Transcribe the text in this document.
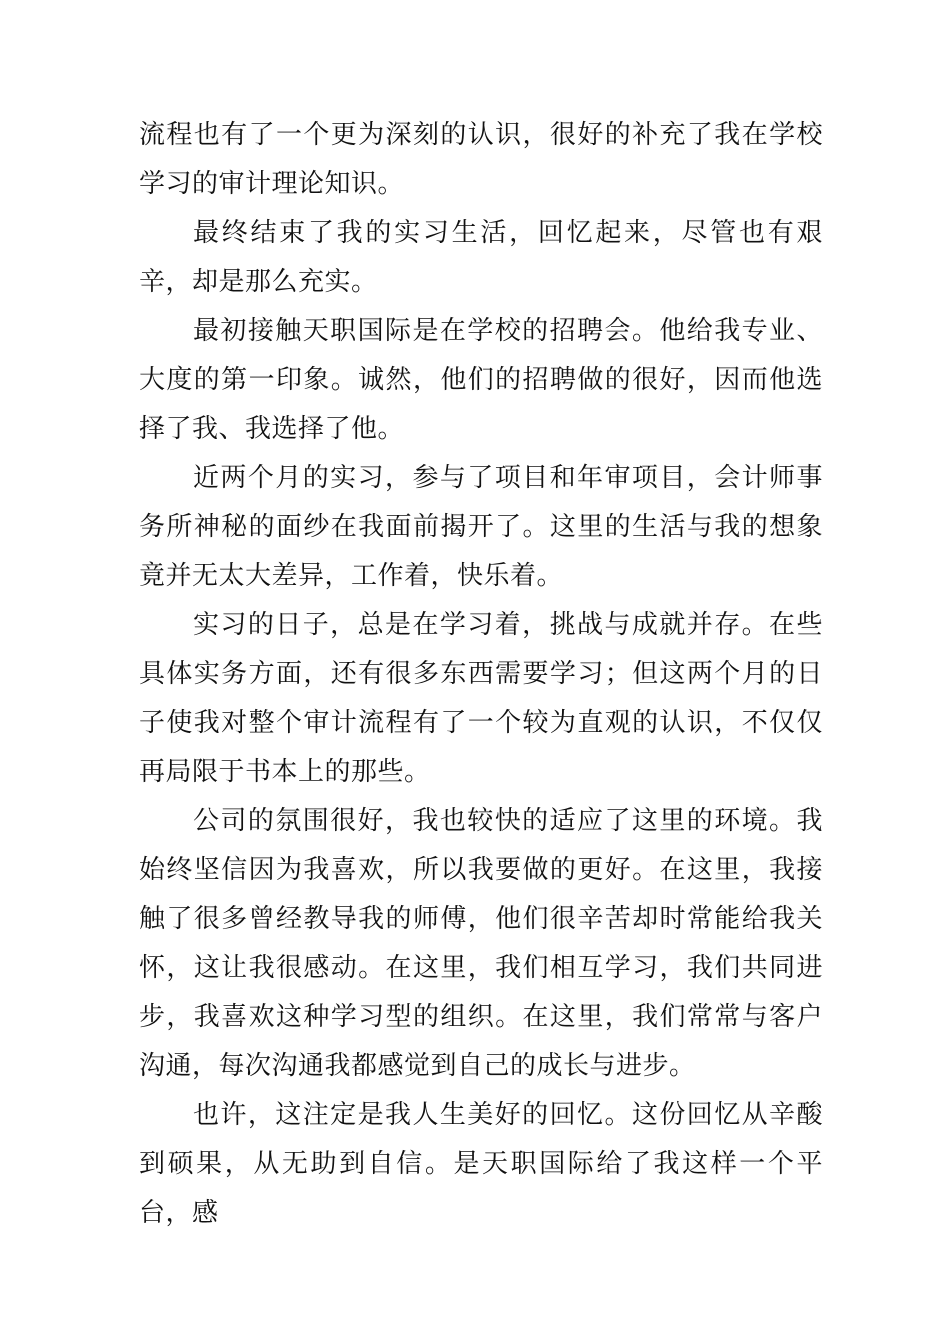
流程也有了一个更为深刻的认识，很好的补充了我在学校学习的审计理论知识。

最终结束了我的实习生活，回忆起来，尽管也有艰辛，却是那么充实。

最初接触天职国际是在学校的招聘会。他给我专业、大度的第一印象。诚然，他们的招聘做的很好，因而他选择了我、我选择了他。

近两个月的实习，参与了项目和年审项目，会计师事务所神秘的面纱在我面前揭开了。这里的生活与我的想象竟并无太大差异，工作着，快乐着。

实习的日子，总是在学习着，挑战与成就并存。在些具体实务方面，还有很多东西需要学习；但这两个月的日子使我对整个审计流程有了一个较为直观的认识，不仅仅再局限于书本上的那些。

公司的氛围很好，我也较快的适应了这里的环境。我始终坚信因为我喜欢，所以我要做的更好。在这里，我接触了很多曾经教导我的师傅，他们很辛苦却时常能给我关怀，这让我很感动。在这里，我们相互学习，我们共同进步，我喜欢这种学习型的组织。在这里，我们常常与客户沟通，每次沟通我都感觉到自己的成长与进步。

也许，这注定是我人生美好的回忆。这份回忆从辛酸到硕果，从无助到自信。是天职国际给了我这样一个平台，感
